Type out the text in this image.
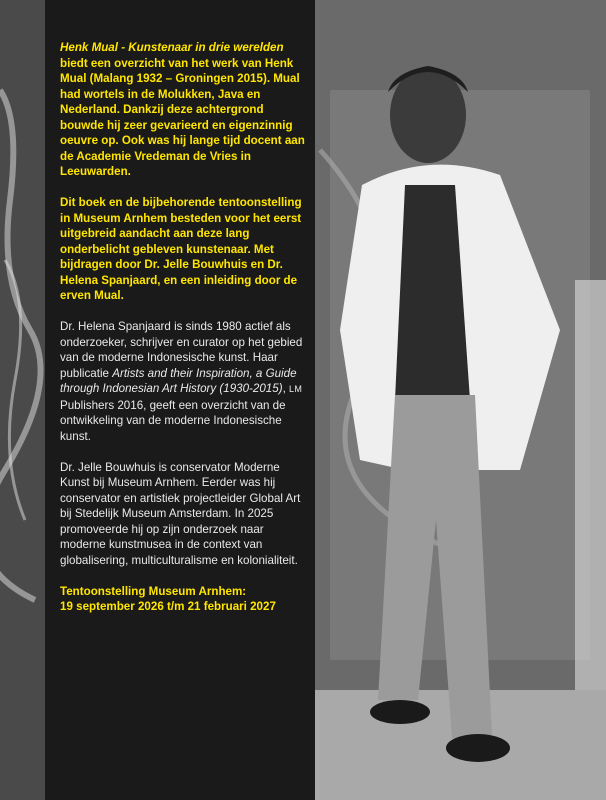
Henk Mual - Kunstenaar in drie werelden biedt een overzicht van het werk van Henk Mual (Malang 1932 – Groningen 2015). Mual had wortels in de Molukken, Java en Nederland. Dankzij deze achtergrond bouwde hij zeer gevarieerd en eigenzinnig oeuvre op. Ook was hij lange tijd docent aan de Academie Vredeman de Vries in Leeuwarden.

Dit boek en de bijbehorende tentoonstelling in Museum Arnhem besteden voor het eerst uitgebreid aandacht aan deze lang onderbelicht gebleven kunstenaar. Met bijdragen door Dr. Jelle Bouwhuis en Dr. Helena Spanjaard, en een inleiding door de erven Mual.

Dr. Helena Spanjaard is sinds 1980 actief als onderzoeker, schrijver en curator op het gebied van de moderne Indonesische kunst. Haar publicatie Artists and their Inspiration, a Guide through Indonesian Art History (1930-2015), LM Publishers 2016, geeft een overzicht van de ontwikkeling van de moderne Indonesische kunst.

Dr. Jelle Bouwhuis is conservator Moderne Kunst bij Museum Arnhem. Eerder was hij conservator en artistiek projectleider Global Art bij Stedelijk Museum Amsterdam. In 2025 promoveerde hij op zijn onderzoek naar moderne kunstmusea in de context van globalisering, multiculturalisme en kolonialiteit.

Tentoonstelling Museum Arnhem:
19 september 2026 t/m 21 februari 2027
